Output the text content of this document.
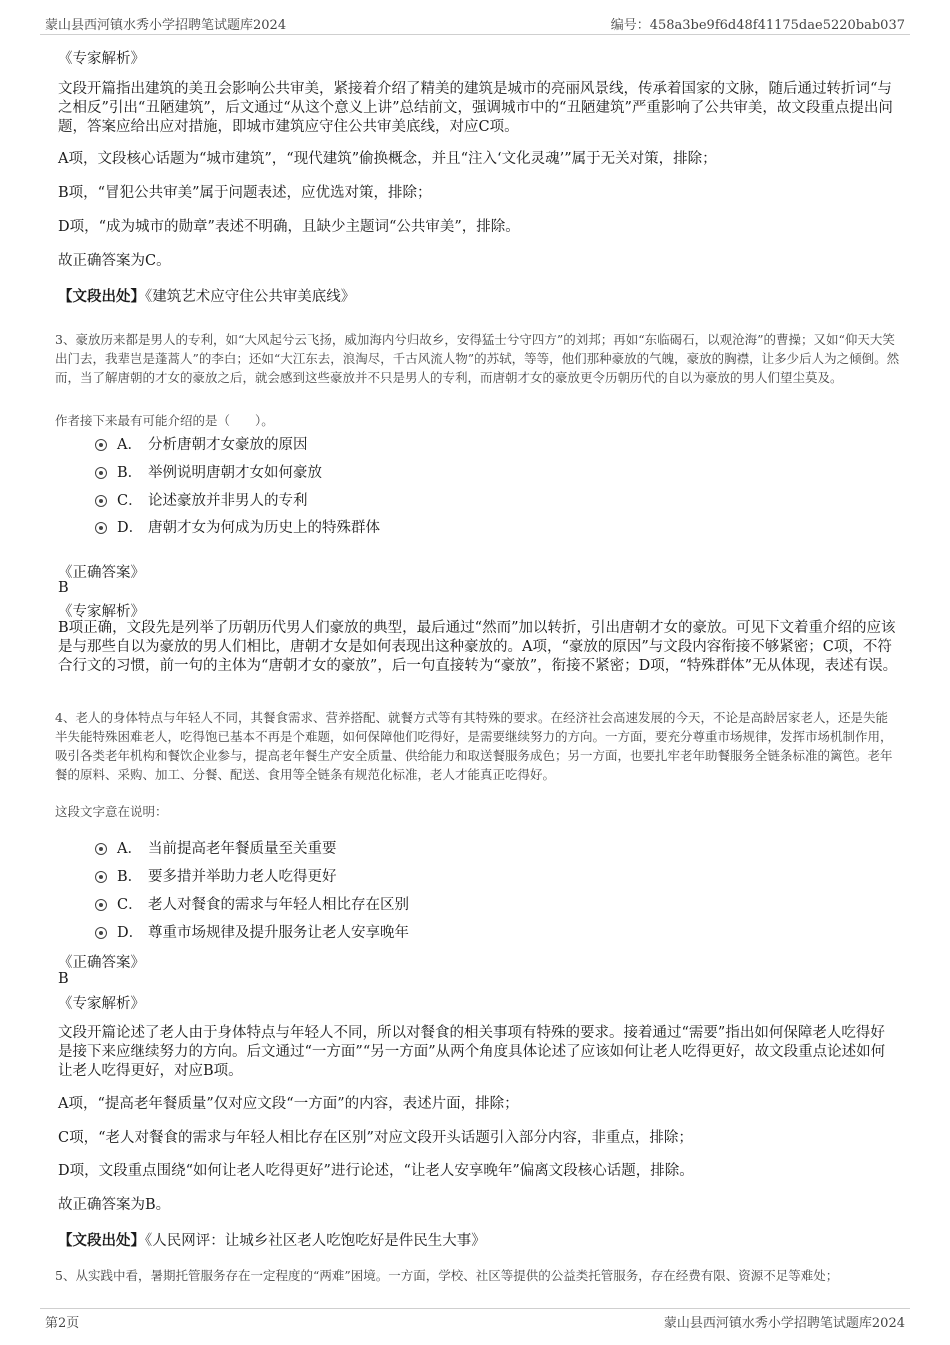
蒙山县西河镇水秀小学招聘笔试题库2024	编号：458a3be9f6d48f41175dae5220bab037
《专家解析》
文段开篇指出建筑的美丑会影响公共审美，紧接着介绍了精美的建筑是城市的亮丽风景线，传承着国家的文脉，随后通过转折词“与之相反”引出“丑陋建筑”，后文通过“从这个意义上讲”总结前文，强调城市中的“丑陋建筑”严重影响了公共审美，故文段重点提出问题，答案应给出应对措施，即城市建筑应守住公共审美底线，对应C项。
A项，文段核心话题为“城市建筑”，“现代建筑”偷换概念，并且“注入‘文化灵魂’”属于无关对策，排除；
B项，“冒犯公共审美”属于问题表述，应优选对策，排除；
D项，“成为城市的勋章”表述不明确，且缺少主题词“公共审美”，排除。
故正确答案为C。
【文段出处】《建筑艺术应守住公共审美底线》
3、豪放历来都是男人的专利，如“大风起兮云飞扬，威加海内兮归故乡，安得猛士兮守四方”的刘邦；再如“东临碣石，以观沧海”的曹操；又如“仰天大笑出门去，我辈岂是蓬蒿人”的李白；还如“大江东去，浪淘尽，千古风流人物”的苏轼，等等，他们那种豪放的气魄，豪放的胸襟，让多少后人为之倾倒。然而，当了解唐朝的才女的豪放之后，就会感到这些豪放并不只是男人的专利，而唐朝才女的豪放更令历朝历代的自以为豪放的男人们望尘莫及。
作者接下来最有可能介绍的是（　　）。
A． 分析唐朝才女豪放的原因
B． 举例说明唐朝才女如何豪放
C． 论述豪放并非男人的专利
D． 唐朝才女为何成为历史上的特殊群体
《正确答案》
B
《专家解析》
B项正确，文段先是列举了历朝历代男人们豪放的典型，最后通过“然而”加以转折，引出唐朝才女的豪放。可见下文着重介绍的应该是与那些自以为豪放的男人们相比，唐朝才女是如何表现出这种豪放的。A项，“豪放的原因”与文段内容衔接不够紧密；C项，不符合行文的习惯，前一句的主体为“唐朝才女的豪放”，后一句直接转为“豪放”，衔接不紧密；D项，“特殊群体”无从体现，表述有误。
4、老人的身体特点与年轻人不同，其餐食需求、营养搭配、就餐方式等有其特殊的要求。在经济社会高速发展的今天，不论是高龄居家老人，还是失能半失能特殊困难老人，吃得饱已基本不再是个难题，如何保障他们吃得好，是需要继续努力的方向。一方面，要充分尊重市场规律，发挥市场机制作用，吸引各类老年机构和餐饮企业参与，提高老年餐生产安全质量、供给能力和取送餐服务成色；另一方面，也要扎牢老年助餐服务全链条标准的篱笆。老年餐的原料、采购、加工、分餐、配送、食用等全链条有规范化标准，老人才能真正吃得好。
这段文字意在说明：
A． 当前提高老年餐质量至关重要
B． 要多措并举助力老人吃得更好
C． 老人对餐食的需求与年轻人相比存在区别
D． 尊重市场规律及提升服务让老人安享晚年
《正确答案》
B
《专家解析》
文段开篇论述了老人由于身体特点与年轻人不同，所以对餐食的相关事项有特殊的要求。接着通过“需要”指出如何保障老人吃得好是接下来应继续努力的方向。后文通过“一方面”“另一方面”从两个角度具体论述了应该如何让老人吃得更好，故文段重点论述如何让老人吃得更好，对应B项。
A项，“提高老年餐质量”仅对应文段“一方面”的内容，表述片面，排除；
C项，“老人对餐食的需求与年轻人相比存在区别”对应文段开头话题引入部分内容，非重点，排除；
D项，文段重点围绕“如何让老人吃得更好”进行论述，“让老人安享晚年”偏离文段核心话题，排除。
故正确答案为B。
【文段出处】《人民网评：让城乡社区老人吃饱吃好是件民生大事》
5、从实践中看，暑期托管服务存在一定程度的“两难”困境。一方面，学校、社区等提供的公益类托管服务，存在经费有限、资源不足等难处；
第2页	蒙山县西河镇水秀小学招聘笔试题库2024
